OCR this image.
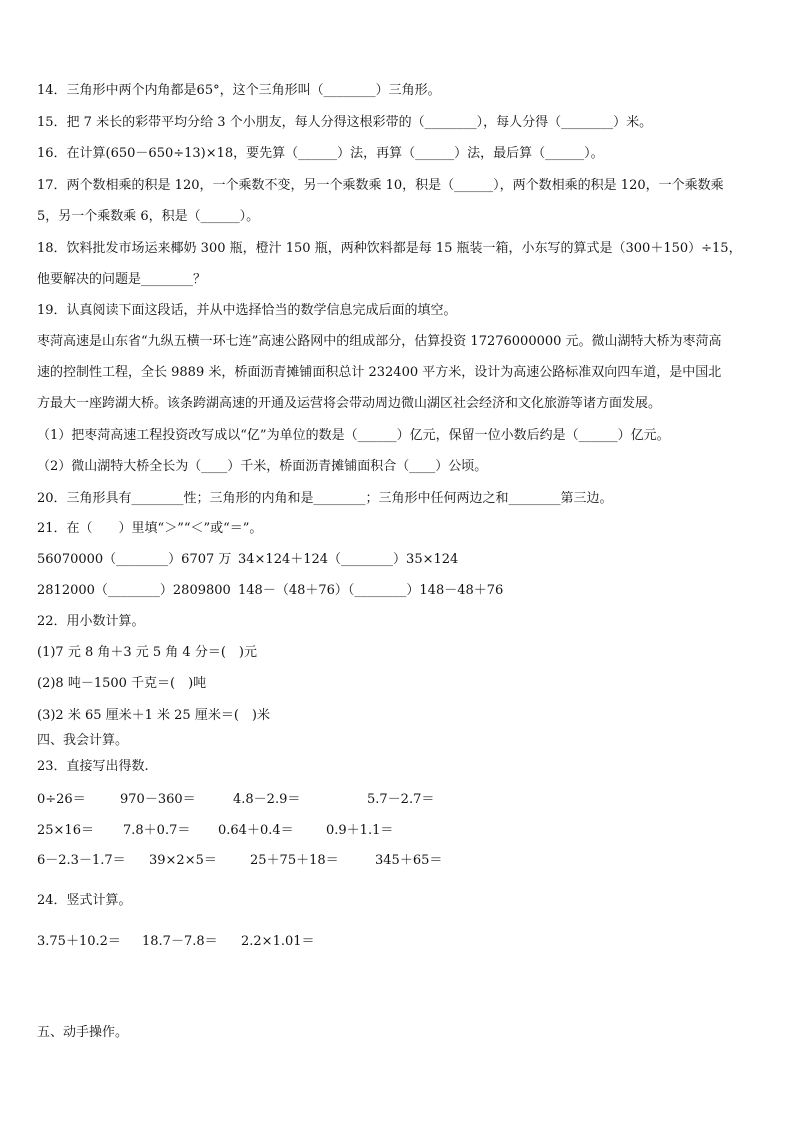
14．三角形中两个内角都是65°，这个三角形叫（________）三角形。
15．把 7 米长的彩带平均分给 3 个小朋友，每人分得这根彩带的（________），每人分得（________）米。
16．在计算(650－650÷13)×18，要先算（______）法，再算（______）法，最后算（______）。
17．两个数相乘的积是 120，一个乘数不变，另一个乘数乘 10，积是（______），两个数相乘的积是 120，一个乘数乘
5，另一个乘数乘 6，积是（______）。
18．饮料批发市场运来椰奶 300 瓶，橙汁 150 瓶，两种饮料都是每 15 瓶装一箱，小东写的算式是（300＋150）÷15，
他要解决的问题是________？
19．认真阅读下面这段话，并从中选择恰当的数学信息完成后面的填空。
枣菏高速是山东省“九纵五横一环七连”高速公路网中的组成部分，估算投资 17276000000 元。微山湖特大桥为枣菏高
速的控制性工程，全长 9889 米，桥面沥青摊铺面积总计 232400 平方米，设计为高速公路标准双向四车道，是中国北
方最大一座跨湖大桥。该条跨湖高速的开通及运营将会带动周边微山湖区社会经济和文化旅游等诸方面发展。
（1）把枣菏高速工程投资改写成以“亿”为单位的数是（______）亿元，保留一位小数后约是（______）亿元。
（2）微山湖特大桥全长为（____）千米，桥面沥青摊铺面积合（____）公顷。
20．三角形具有________性；三角形的内角和是________；三角形中任何两边之和________第三边。
21．在（　　）里填“＞”“＜”或“＝”。
56070000（________）6707 万 34×124＋124（________）35×124
2812000（________）2809800 148－（48＋76）（________）148－48＋76
22．用小数计算。
(1)7 元 8 角＋3 元 5 角 4 分＝(　)元
(2)8 吨－1500 千克＝(　)吨
(3)2 米 65 厘米＋1 米 25 厘米＝(　)米
四、我会计算。
23．直接写出得数.
0÷26＝	970－360＝	4.8－2.9＝	5.7－2.7＝
25×16＝ 7.8＋0.7＝ 0.64＋0.4＝ 0.9＋1.1＝
6－2.3－1.7＝ 39×2×5＝	25＋75＋18＝	345＋65＝
24．竖式计算。
3.75＋10.2＝ 18.7－7.8＝ 2.2×1.01＝
五、动手操作。
